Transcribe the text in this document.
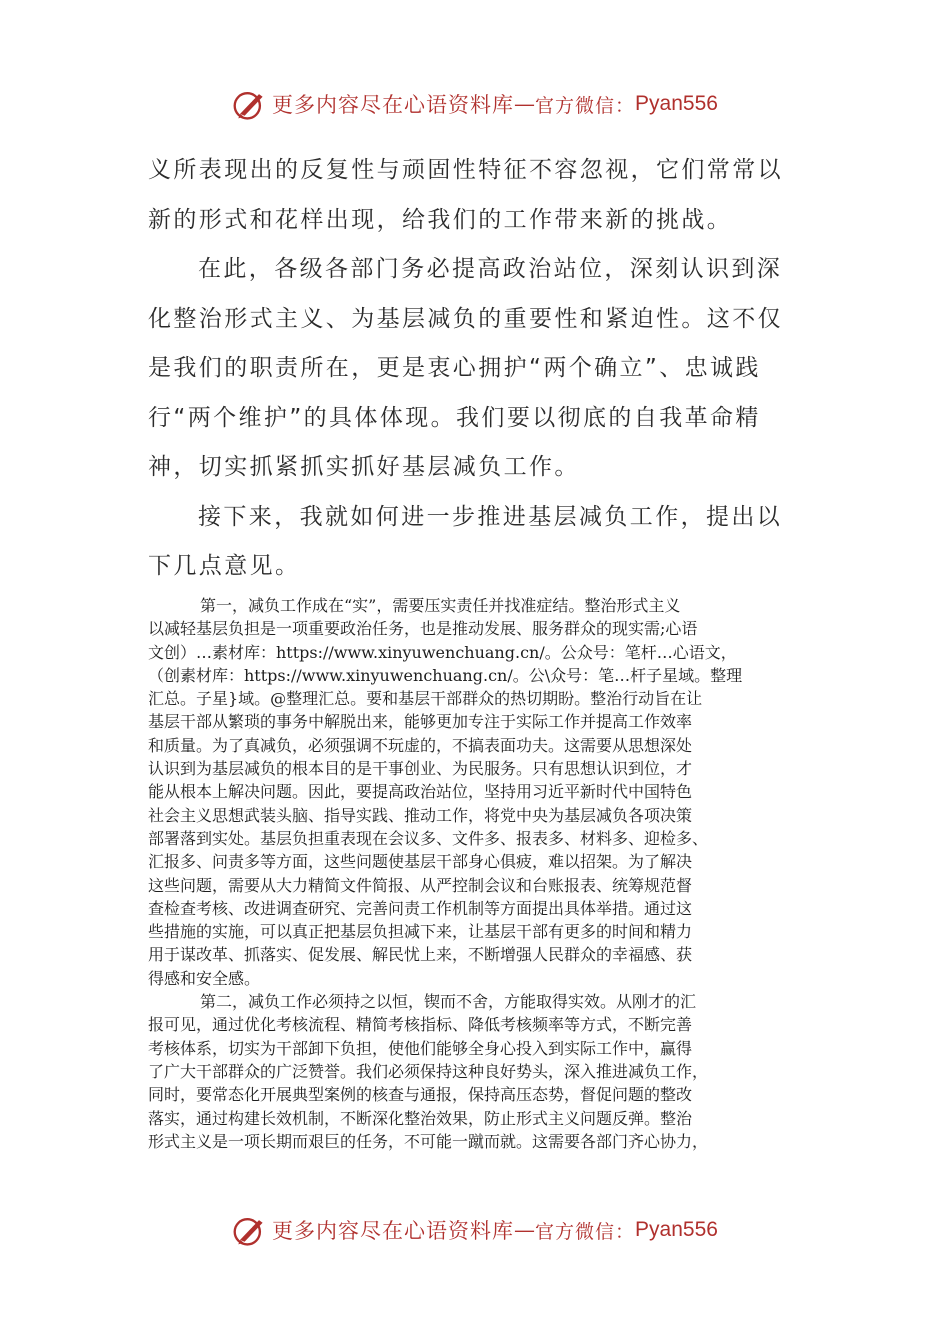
更多内容尽在心语资料库 — 官方微信： Pyan556

义所表现出的反复性与顽固性特征不容忽视，它们常常以
新的形式和花样出现，给我们的工作带来新的挑战。

在此，各级各部门务必提高政治站位，深刻认识到深
化整治形式主义、为基层减负的重要性和紧迫性。这不仅
是我们的职责所在，更是衷心拥护“两个确立”、忠诚践
行“两个维护”的具体体现。我们要以彻底的自我革命精
神，切实抓紧抓实抓好基层减负工作。

接下来，我就如何进一步推进基层减负工作，提出以
下几点意见。

第一，减负工作成在“实”，需要压实责任并找准症结。整治形式主义
以减轻基层负担是一项重要政治任务，也是推动发展、服务群众的现实需;心语
文创）…素材库：https://www.xinyuwenchuang.cn/。公众号：笔杆…心语文，
（创素材库：https://www.xinyuwenchuang.cn/。公\众号：笔…杆子星域。整理
汇总。子星}域。@整理汇总。要和基层干部群众的热切期盼。整治行动旨在让
基层干部从繁琐的事务中解脱出来，能够更加专注于实际工作并提高工作效率
和质量。为了真减负，必须强调不玩虚的，不搞表面功夫。这需要从思想深处
认识到为基层减负的根本目的是干事创业、为民服务。只有思想认识到位，才
能从根本上解决问题。因此，要提高政治站位，坚持用习近平新时代中国特色
社会主义思想武装头脑、指导实践、推动工作，将党中央为基层减负各项决策
部署落到实处。基层负担重表现在会议多、文件多、报表多、材料多、迎检多、
汇报多、问责多等方面，这些问题使基层干部身心俱疲，难以招架。为了解决
这些问题，需要从大力精简文件简报、从严控制会议和台账报表、统筹规范督
查检查考核、改进调查研究、完善问责工作机制等方面提出具体举措。通过这
些措施的实施，可以真正把基层负担减下来，让基层干部有更多的时间和精力
用于谋改革、抓落实、促发展、解民忧上来，不断增强人民群众的幸福感、获
得感和安全感。
第二，减负工作必须持之以恒，锲而不舍，方能取得实效。从刚才的汇
报可见，通过优化考核流程、精简考核指标、降低考核频率等方式，不断完善
考核体系，切实为干部卸下负担，使他们能够全身心投入到实际工作中，赢得
了广大干部群众的广泛赞誉。我们必须保持这种良好势头，深入推进减负工作，
同时，要常态化开展典型案例的核查与通报，保持高压态势，督促问题的整改
落实，通过构建长效机制，不断深化整治效果，防止形式主义问题反弹。整治
形式主义是一项长期而艰巨的任务，不可能一蹴而就。这需要各部门齐心协力，
更多内容尽在心语资料库 — 官方微信： Pyan556
